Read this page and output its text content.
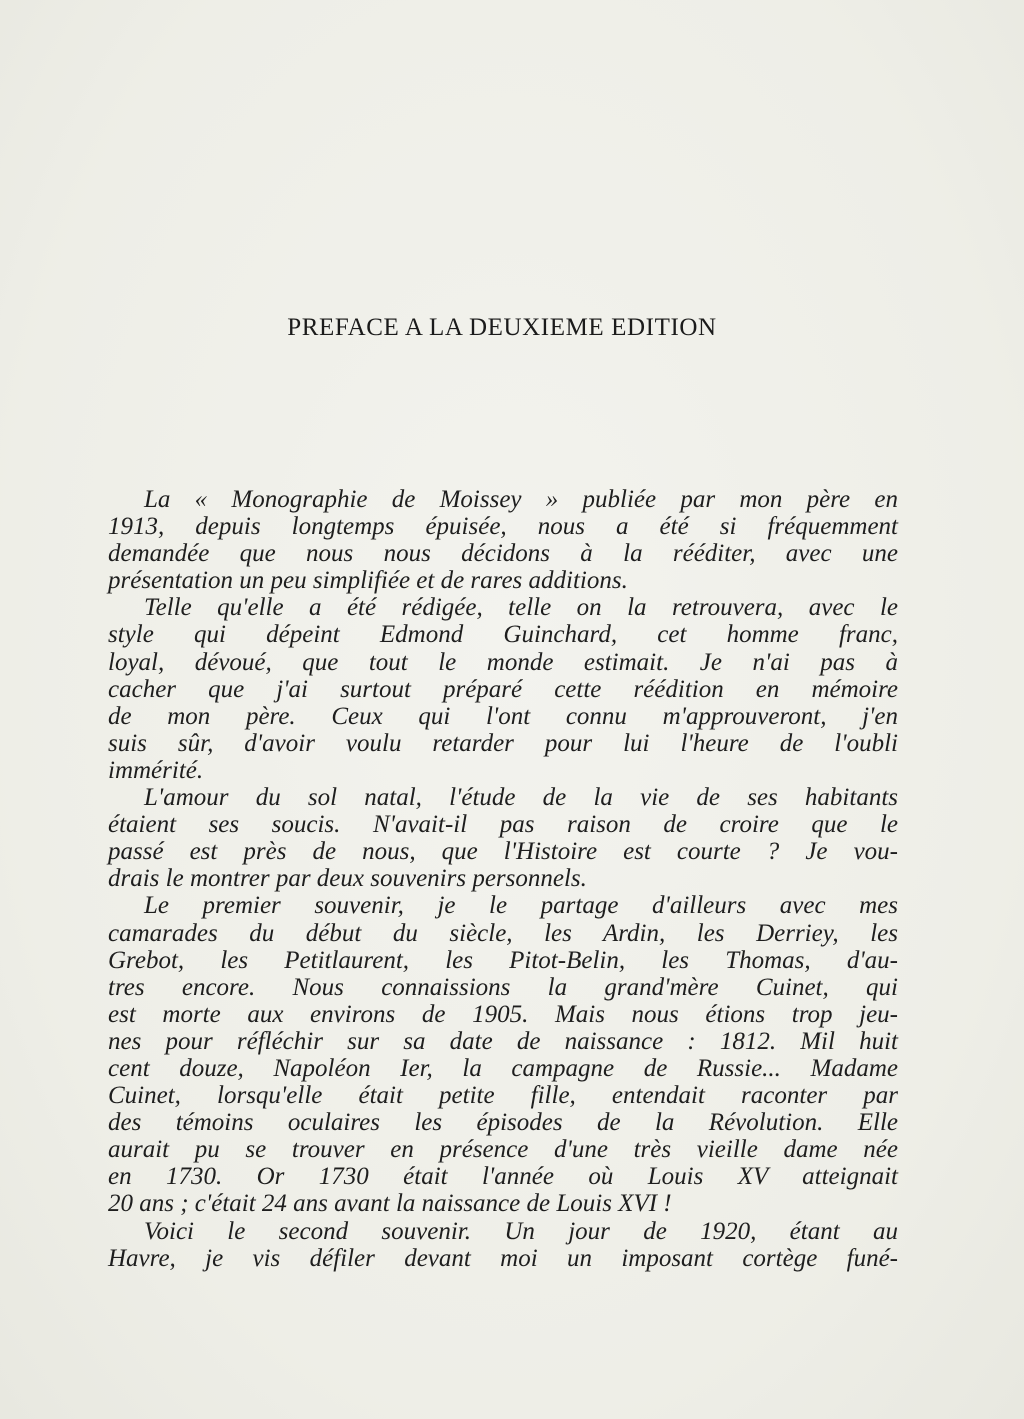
PREFACE A LA DEUXIEME EDITION
La « Monographie de Moissey » publiée par mon père en
1913, depuis longtemps épuisée, nous a été si fréquemment
demandée que nous nous décidons à la rééditer, avec une
présentation un peu simplifiée et de rares additions.
Telle qu'elle a été rédigée, telle on la retrouvera, avec le
style qui dépeint Edmond Guinchard, cet homme franc,
loyal, dévoué, que tout le monde estimait. Je n'ai pas à
cacher que j'ai surtout préparé cette réédition en mémoire
de mon père. Ceux qui l'ont connu m'approuveront, j'en
suis sûr, d'avoir voulu retarder pour lui l'heure de l'oubli
immérité.
L'amour du sol natal, l'étude de la vie de ses habitants
étaient ses soucis. N'avait-il pas raison de croire que le
passé est près de nous, que l'Histoire est courte ? Je vou-
drais le montrer par deux souvenirs personnels.
Le premier souvenir, je le partage d'ailleurs avec mes
camarades du début du siècle, les Ardin, les Derriey, les
Grebot, les Petitlaurent, les Pitot-Belin, les Thomas, d'au-
tres encore. Nous connaissions la grand'mère Cuinet, qui
est morte aux environs de 1905. Mais nous étions trop jeu-
nes pour réfléchir sur sa date de naissance : 1812. Mil huit
cent douze, Napoléon Ier, la campagne de Russie... Madame
Cuinet, lorsqu'elle était petite fille, entendait raconter par
des témoins oculaires les épisodes de la Révolution. Elle
aurait pu se trouver en présence d'une très vieille dame née
en 1730. Or 1730 était l'année où Louis XV atteignait
20 ans ; c'était 24 ans avant la naissance de Louis XVI !
Voici le second souvenir. Un jour de 1920, étant au
Havre, je vis défiler devant moi un imposant cortège funé-
